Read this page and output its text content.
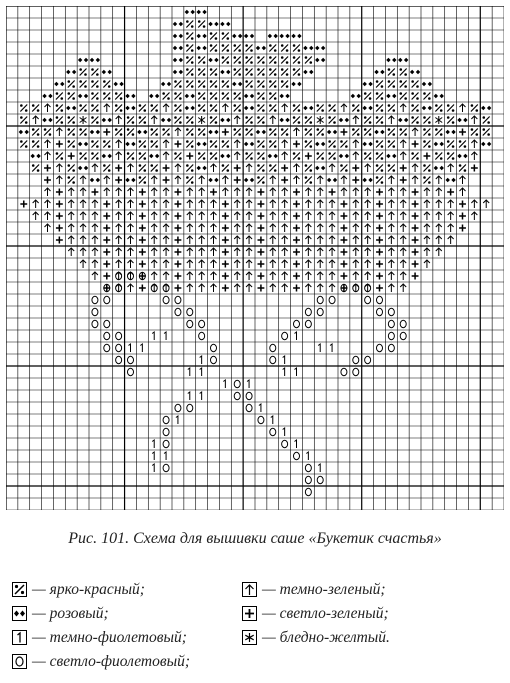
Рис. 101. Схема для вышивки саше «Букетик счастья»
— ярко-красный;
— розовый;
— темно-фиолетовый;
— светло-фиолетовый;
— темно-зеленый;
— светло-зеленый;
— бледно-желтый.
